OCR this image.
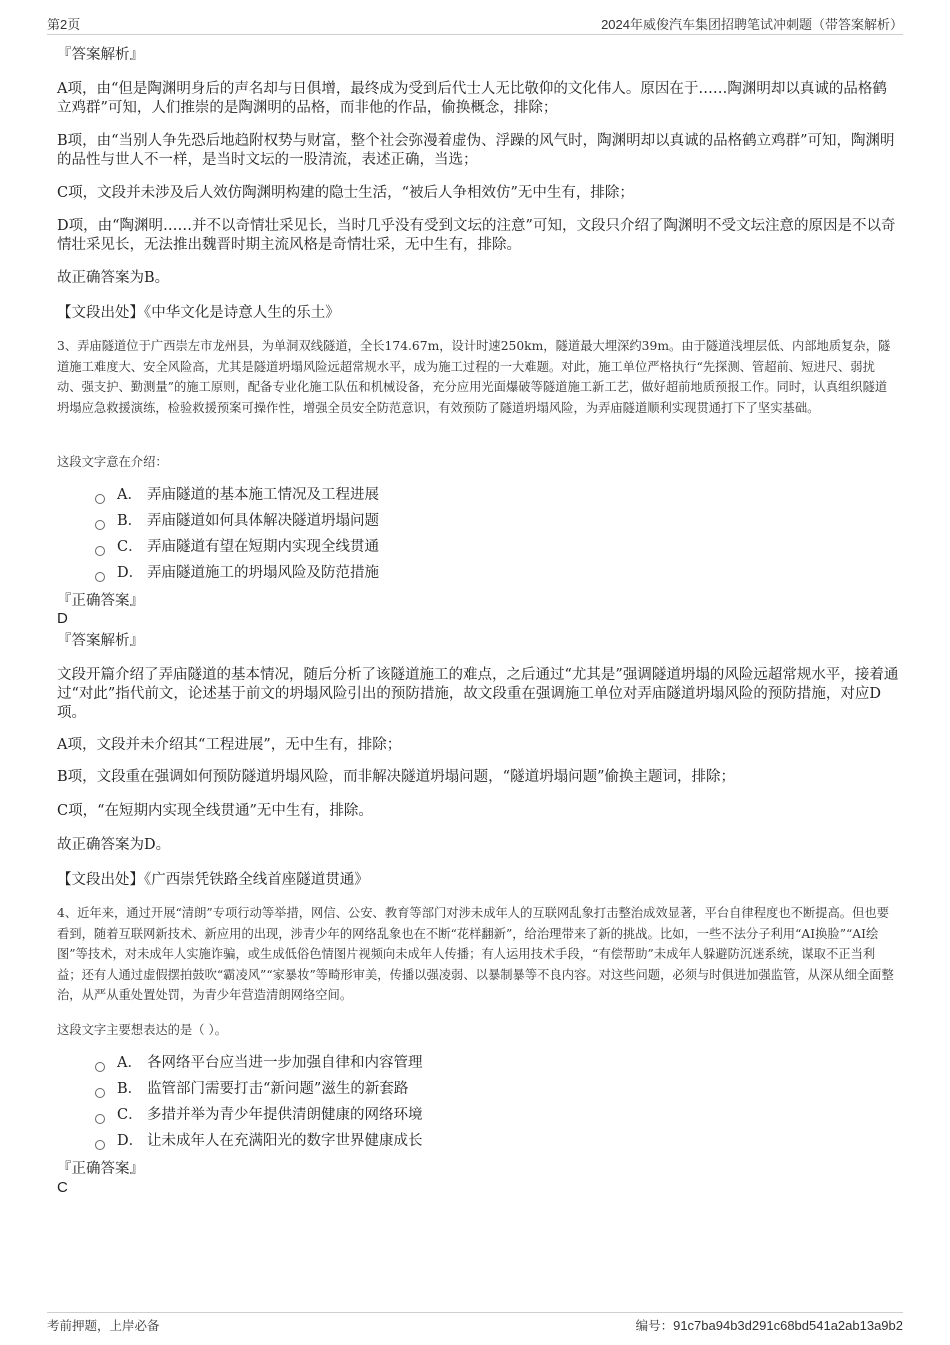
第2页	2024年威俊汽车集团招聘笔试冲刺题（带答案解析）
『答案解析』

A项，由“但是陶渊明身后的声名却与日俱增，最终成为受到后代士人无比敬仰的文化伟人。原因在于……陶渊明却以真诚的品格鹤立鸡群”可知，人们推崇的是陶渊明的品格，而非他的作品，偷换概念，排除；

B项，由“当别人争先恐后地趋附权势与财富，整个社会弥漫着虚伪、浮躁的风气时，陶渊明却以真诚的品格鹤立鸡群”可知，陶渊明的品性与世人不一样，是当时文坛的一股清流，表述正确，当选；

C项，文段并未涉及后人效仿陶渊明构建的隐士生活，“被后人争相效仿”无中生有，排除；

D项，由“陶渊明……并不以奇情壮采见长，当时几乎没有受到文坛的注意”可知，文段只介绍了陶渊明不受文坛注意的原因是不以奇情壮采见长，无法推出魏晋时期主流风格是奇情壮采，无中生有，排除。

故正确答案为B。

【文段出处】《中华文化是诗意人生的乐土》

3、弄庙隧道位于广西崇左市龙州县，为单洞双线隧道，全长174.67m，设计时速250km，隧道最大埋深约39m。由于隧道浅埋层低、内部地质复杂，隧道施工难度大、安全风险高，尤其是隧道坍塌风险远超常规水平，成为施工过程的一大难题。对此，施工单位严格执行“先探测、管超前、短进尺、弱扰动、强支护、勤测量”的施工原则，配备专业化施工队伍和机械设备，充分应用光面爆破等隧道施工新工艺，做好超前地质预报工作。同时，认真组织隧道坍塌应急救援演练，检验救援预案可操作性，增强全员安全防范意识，有效预防了隧道坍塌风险，为弄庙隧道顺利实现贯通打下了坚实基础。

这段文字意在介绍：
A． 弄庙隧道的基本施工情况及工程进展
B． 弄庙隧道如何具体解决隧道坍塌问题
C． 弄庙隧道有望在短期内实现全线贯通
D． 弄庙隧道施工的坍塌风险及防范措施
『正确答案』
D
『答案解析』

文段开篇介绍了弄庙隧道的基本情况，随后分析了该隧道施工的难点，之后通过“尤其是”强调隧道坍塌的风险远超常规水平，接着通过“对此”指代前文，论述基于前文的坍塌风险引出的预防措施，故文段重在强调施工单位对弄庙隧道坍塌风险的预防措施，对应D项。

A项，文段并未介绍其“工程进展”，无中生有，排除；

B项，文段重在强调如何预防隧道坍塌风险，而非解决隧道坍塌问题，“隧道坍塌问题”偷换主题词，排除；

C项，“在短期内实现全线贯通”无中生有，排除。

故正确答案为D。

【文段出处】《广西崇凭铁路全线首座隧道贯通》

4、近年来，通过开展“清朗”专项行动等举措，网信、公安、教育等部门对涉未成年人的互联网乱象打击整治成效显著，平台自律程度也不断提高。但也要看到，随着互联网新技术、新应用的出现，涉青少年的网络乱象也在不断“花样翻新”，给治理带来了新的挑战。比如，一些不法分子利用“AI换脸”“AI绘图”等技术，对未成年人实施诈骗，或生成低俗色情图片视频向未成年人传播；有人运用技术手段，“有偿帮助”未成年人躲避防沉迷系统，谋取不正当利益；还有人通过虚假摆拍鼓吹“霸凌风”“家暴妆”等畸形审美，传播以强凌弱、以暴制暴等不良内容。对这些问题，必须与时俱进加强监管，从深从细全面整治，从严从重处置处罚，为青少年营造清朗网络空间。

这段文字主要想表达的是（ ）。
A． 各网络平台应当进一步加强自律和内容管理
B． 监管部门需要打击“新问题”滋生的新套路
C． 多措并举为青少年提供清朗健康的网络环境
D． 让未成年人在充满阳光的数字世界健康成长
『正确答案』
C
考前押题，上岸必备	编号：91c7ba94b3d291c68bd541a2ab13a9b2
